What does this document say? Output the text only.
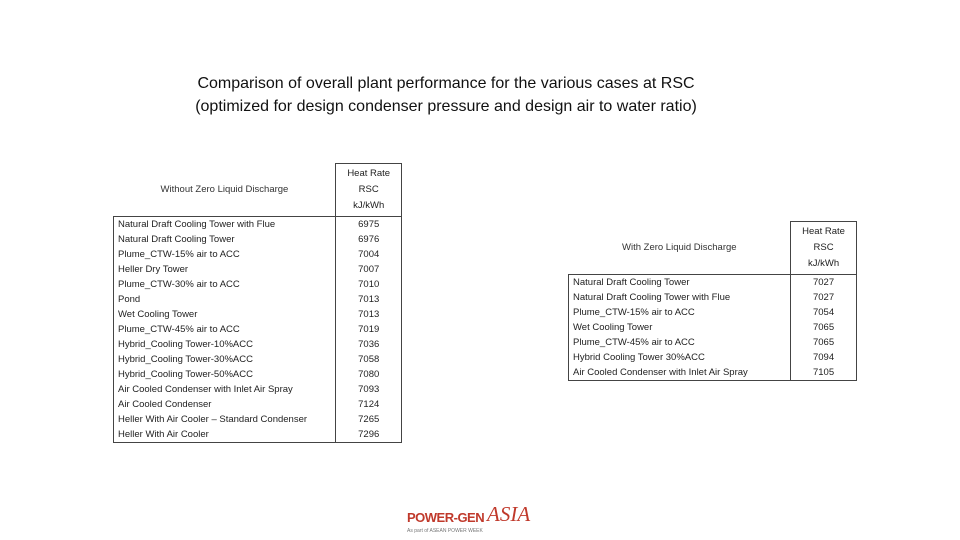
Comparison of overall plant performance for the various cases at RSC
(optimized for design condenser pressure and design air to water ratio)
Without Zero Liquid Discharge	Heat Rate
RSC
kJ/kWh

Natural Draft Cooling Tower with Flue	6975
Natural Draft Cooling Tower	6976
Plume_CTW-15% air to ACC	7004
Heller Dry Tower	7007
Plume_CTW-30% air to ACC	7010
Pond	7013
Wet Cooling Tower	7013
Plume_CTW-45% air to ACC	7019
Hybrid_Cooling Tower-10%ACC	7036
Hybrid_Cooling Tower-30%ACC	7058
Hybrid_Cooling Tower-50%ACC	7080
Air Cooled Condenser with Inlet Air Spray	7093
Air Cooled Condenser	7124
Heller With Air Cooler – Standard Condenser	7265
Heller With Air Cooler	7296
With Zero Liquid Discharge	Heat Rate
RSC
kJ/kWh

Natural Draft Cooling Tower	7027
Natural Draft Cooling Tower with Flue	7027
Plume_CTW-15% air to ACC	7054
Wet Cooling Tower	7065
Plume_CTW-45% air to ACC	7065
Hybrid Cooling Tower 30%ACC	7094
Air Cooled Condenser with Inlet Air Spray	7105
POWER-GEN ASIA
As part of ASEAN POWER WEEK
